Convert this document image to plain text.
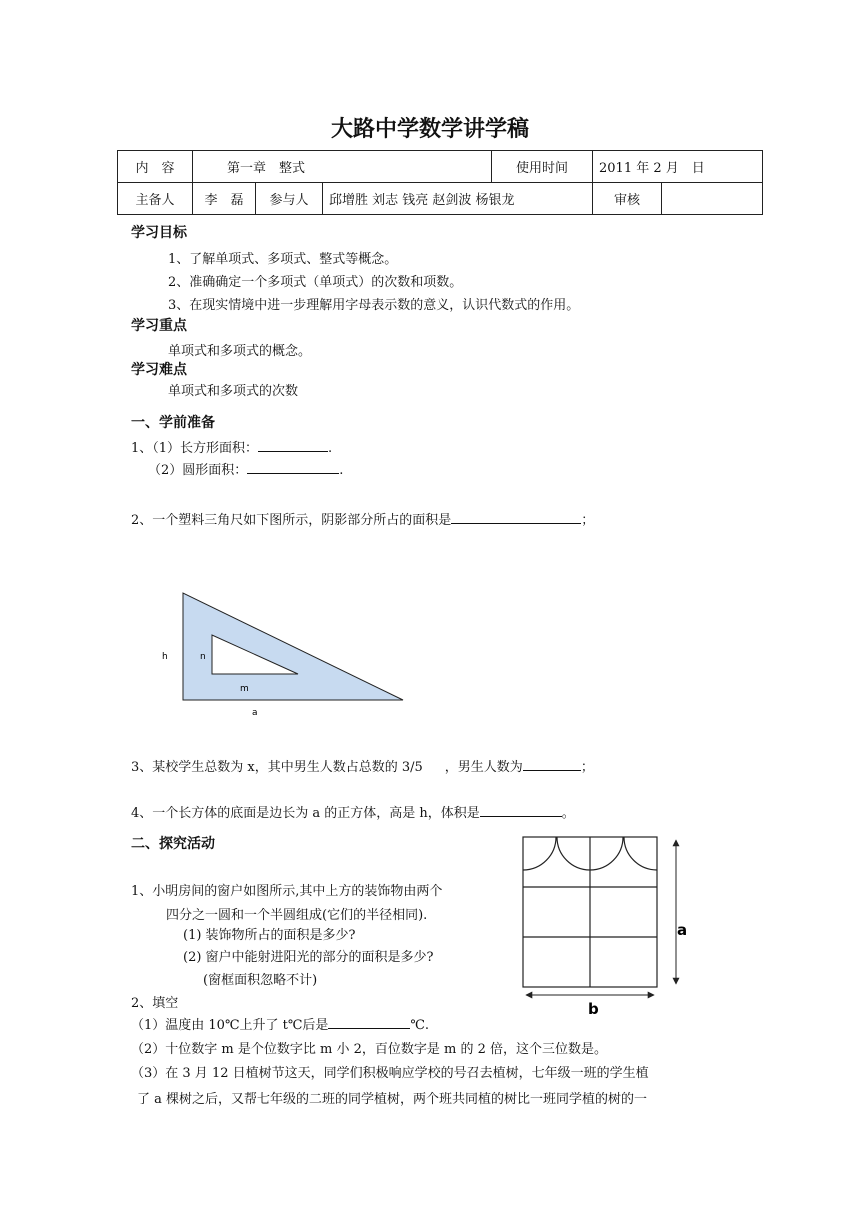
大路中学数学讲学稿
内　容	第一章　整式			使用时间	2011 年 2 月　日	
主备人	李　磊	参与人	邱增胜 刘志 钱亮 赵剑波 杨银龙		审核	
学习目标
1、了解单项式、多项式、整式等概念。
2、准确确定一个多项式（单项式）的次数和项数。
3、在现实情境中进一步理解用字母表示数的意义，认识代数式的作用。
学习重点
单项式和多项式的概念。
学习难点
单项式和多项式的次数
一、学前准备
1、（1）长方形面积：	.
（2）圆形面积：	.
2、一个塑料三角尺如下图所示，阴影部分所占的面积是	；
h	n
m
a
3、某校学生总数为 x，其中男生人数占总数的 3/5 ，男生人数为	；
4、一个长方体的底面是边长为 a 的正方体，高是 h，体积是	。
二、探究活动
1、小明房间的窗户如图所示,其中上方的装饰物由两个
四分之一圆和一个半圆组成(它们的半径相同).
(1) 装饰物所占的面积是多少?
(2) 窗户中能射进阳光的部分的面积是多少?
(窗框面积忽略不计)
a
b
2、填空
（1）温度由 10℃上升了 t℃后是	℃.
（2）十位数字 m 是个位数字比 m 小 2，百位数字是 m 的 2 倍，这个三位数是。
（3）在 3 月 12 日植树节这天，同学们积极响应学校的号召去植树，七年级一班的学生植
了 a 棵树之后，又帮七年级的二班的同学植树，两个班共同植的树比一班同学植的树的一
